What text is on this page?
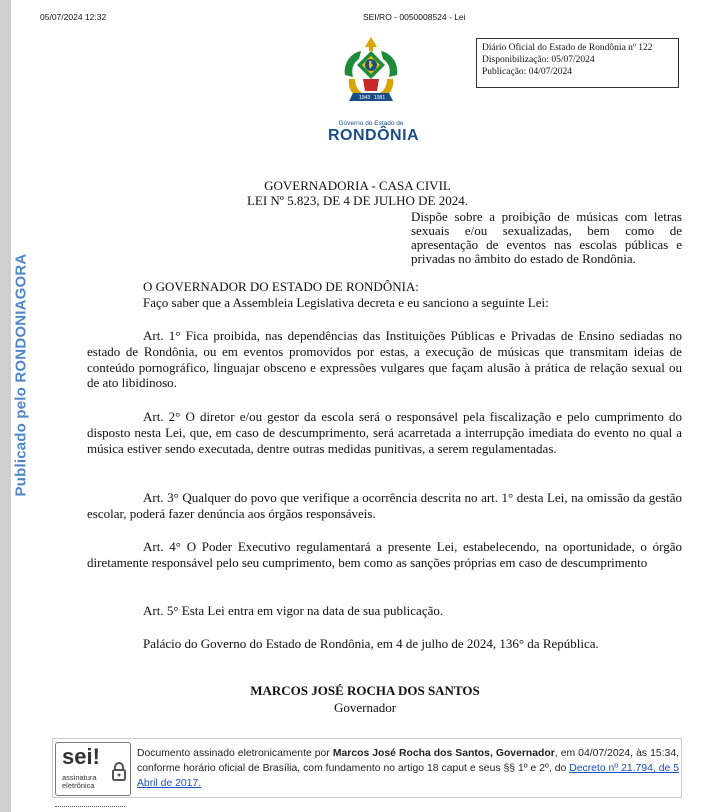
Publicado pelo RONDONIAGORA
05/07/2024 12:32	SEI/RO - 0050008524 - Lei
Diário Oficial do Estado de Rondônia nº 122
Disponibilização: 05/07/2024
Publicação: 04/07/2024
1943 1981
Governo do Estado de
RONDÔNIA
GOVERNADORIA - CASA CIVIL
LEI Nº 5.823, DE 4 DE JULHO DE 2024.
Dispõe sobre a proibição de músicas com letras sexuais e/ou sexualizadas, bem como de apresentação de eventos nas escolas públicas e privadas no âmbito do estado de Rondônia.
O GOVERNADOR DO ESTADO DE RONDÔNIA:
Faço saber que a Assembleia Legislativa decreta e eu sanciono a seguinte Lei:
Art. 1° Fica proibida, nas dependências das Instituições Públicas e Privadas de Ensino sediadas no estado de Rondônia, ou em eventos promovidos por estas, a execução de músicas que transmitam ideias de conteúdo pornográfico, linguajar obsceno e expressões vulgares que façam alusão à prática de relação sexual ou de ato libidinoso.
Art. 2° O diretor e/ou gestor da escola será o responsável pela fiscalização e pelo cumprimento do disposto nesta Lei, que, em caso de descumprimento, será acarretada a interrupção imediata do evento no qual a música estiver sendo executada, dentre outras medidas punitivas, a serem regulamentadas.
Art. 3° Qualquer do povo que verifique a ocorrência descrita no art. 1° desta Lei, na omissão da gestão escolar, poderá fazer denúncia aos órgãos responsáveis.
Art. 4° O Poder Executivo regulamentará a presente Lei, estabelecendo, na oportunidade, o órgão diretamente responsável pelo seu cumprimento, bem como as sanções próprias em caso de descumprimento
Art. 5° Esta Lei entra em vigor na data de sua publicação.
Palácio do Governo do Estado de Rondônia, em 4 de julho de 2024, 136° da República.
MARCOS JOSÉ ROCHA DOS SANTOS
Governador
sei!
assinatura
eletrônica
Documento assinado eletronicamente por Marcos José Rocha dos Santos, Governador, em 04/07/2024, às 15:34, conforme horário oficial de Brasília, com fundamento no artigo 18 caput e seus §§ 1º e 2º, do Decreto nº 21.794, de 5 Abril de 2017.
